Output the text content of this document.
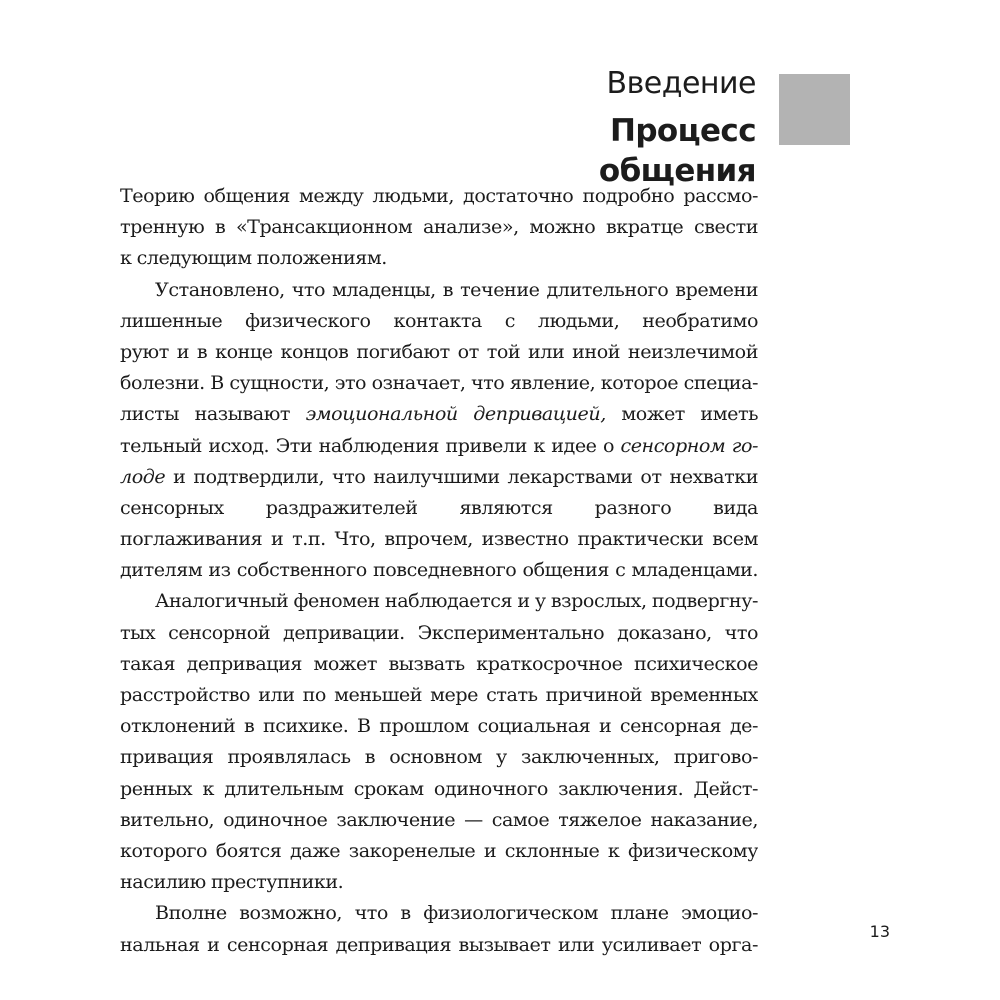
Введение
Процесс общения
Теорию общения между людьми, достаточно подробно рассмо-
тренную в «Трансакционном анализе», можно вкратце свести
к следующим положениям.
Установлено, что младенцы, в течение длительного времени
лишенные физического контакта с людьми, необратимо
руют и в конце концов погибают от той или иной неизлечимой
болезни. В сущности, это означает, что явление, которое специа-
листы называют эмоциональной депривацией, может иметь
тельный исход. Эти наблюдения привели к идее о сенсорном го-
лоде и подтвердили, что наилучшими лекарствами от нехватки
сенсорных раздражителей являются разного вида
поглаживания и т.п. Что, впрочем, известно практически всем
дителям из собственного повседневного общения с младенцами.
Аналогичный феномен наблюдается и у взрослых, подвергну-
тых сенсорной депривации. Экспериментально доказано, что
такая депривация может вызвать краткосрочное психическое
расстройство или по меньшей мере стать причиной временных
отклонений в психике. В прошлом социальная и сенсорная де-
привация проявлялась в основном у заключенных, пригово-
ренных к длительным срокам одиночного заключения. Дейст-
вительно, одиночное заключение — самое тяжелое наказание,
которого боятся даже закоренелые и склонные к физическому
насилию преступники.
Вполне возможно, что в физиологическом плане эмоцио-
нальная и сенсорная депривация вызывает или усиливает орга-
13
